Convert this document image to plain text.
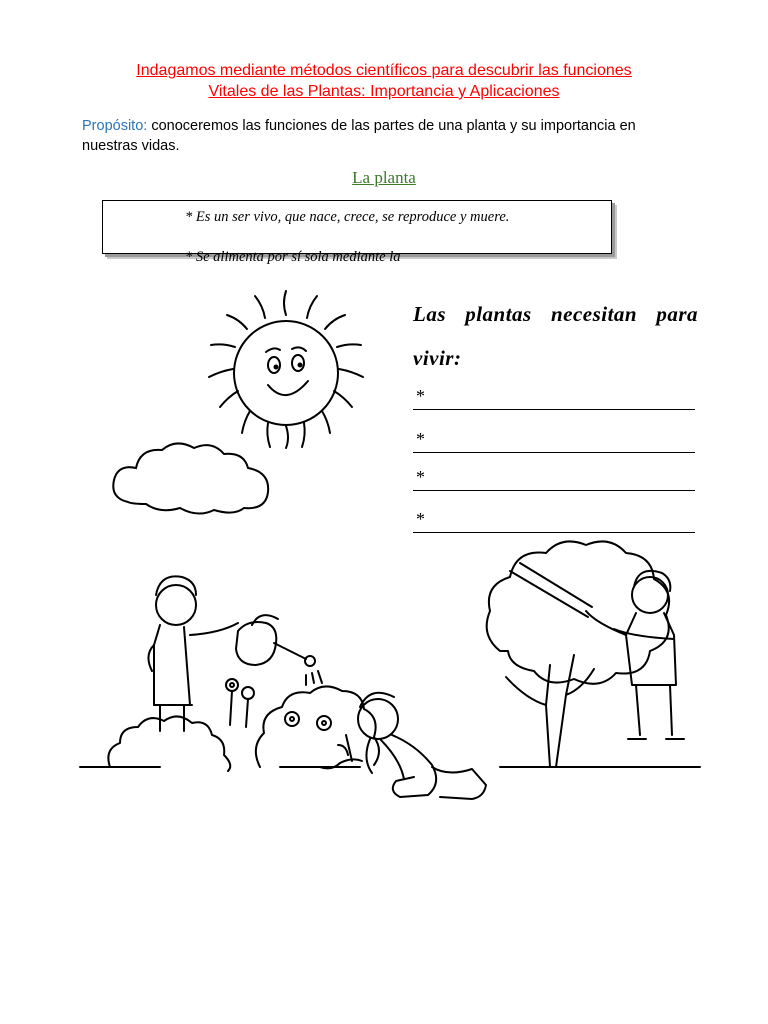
Indagamos mediante métodos científicos para descubrir las funciones
Vitales de las Plantas: Importancia y Aplicaciones
Propósito: conoceremos las funciones de las partes de una planta y su importancia en nuestras vidas.
La planta
* Es un ser vivo, que nace, crece, se reproduce y muere.
* Se alimenta por sí sola mediante la
Las plantas necesitan para vivir:
*
*
*
*
